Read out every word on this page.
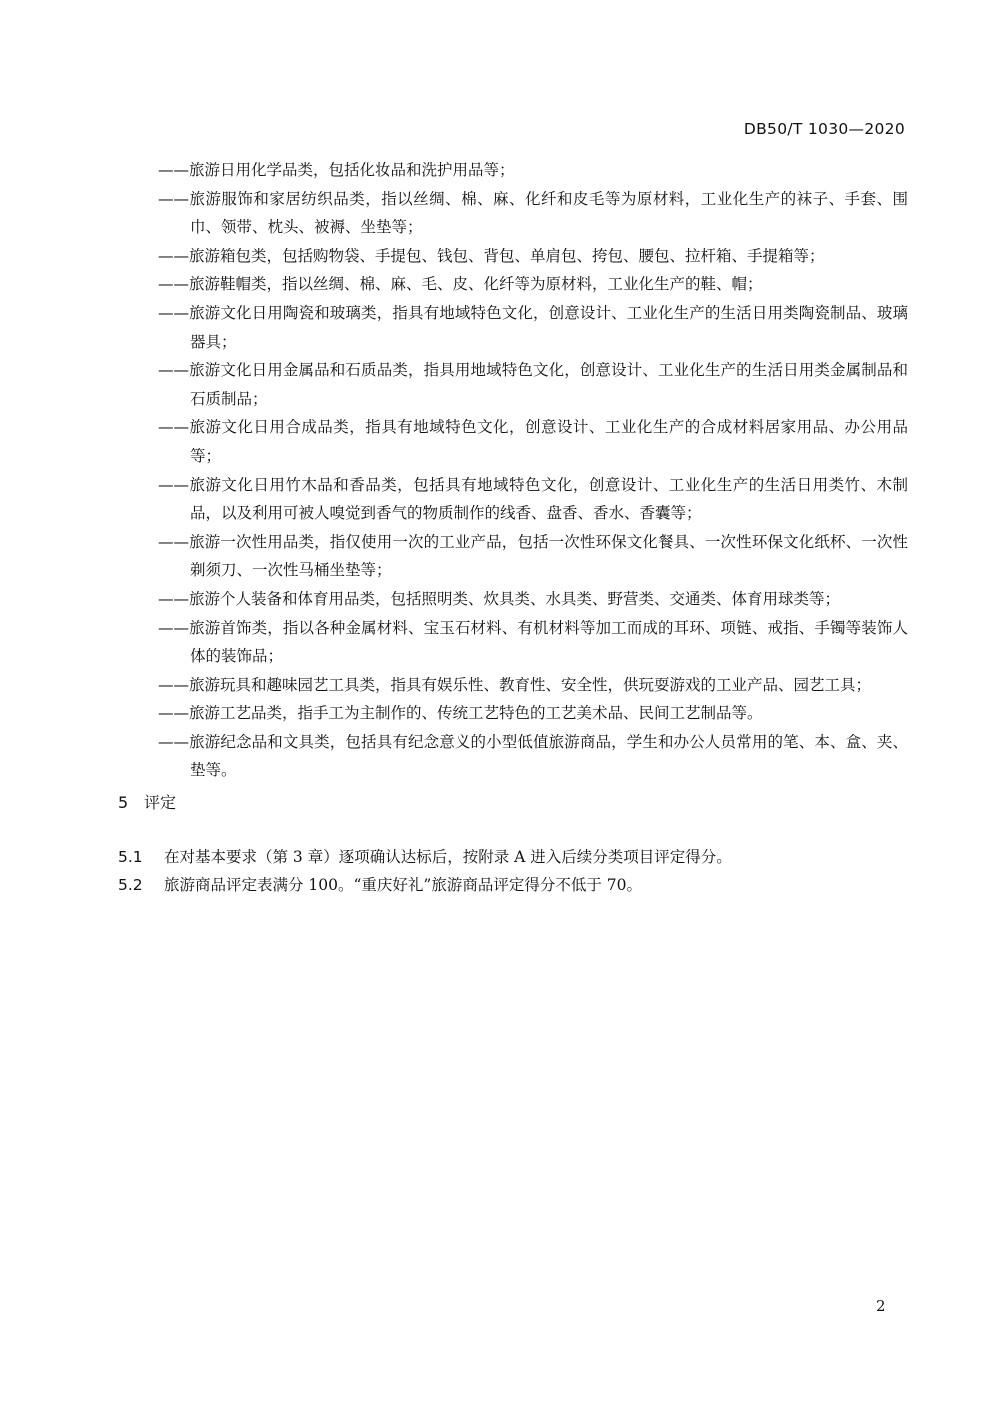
DB50/T 1030—2020
——旅游日用化学品类，包括化妆品和洗护用品等；
——旅游服饰和家居纺织品类，指以丝绸、棉、麻、化纤和皮毛等为原材料，工业化生产的袜子、手套、围巾、领带、枕头、被褥、坐垫等；
——旅游箱包类，包括购物袋、手提包、钱包、背包、单肩包、挎包、腰包、拉杆箱、手提箱等；
——旅游鞋帽类，指以丝绸、棉、麻、毛、皮、化纤等为原材料，工业化生产的鞋、帽；
——旅游文化日用陶瓷和玻璃类，指具有地域特色文化，创意设计、工业化生产的生活日用类陶瓷制品、玻璃器具；
——旅游文化日用金属品和石质品类，指具用地域特色文化，创意设计、工业化生产的生活日用类金属制品和石质制品；
——旅游文化日用合成品类，指具有地域特色文化，创意设计、工业化生产的合成材料居家用品、办公用品等；
——旅游文化日用竹木品和香品类，包括具有地域特色文化，创意设计、工业化生产的生活日用类竹、木制品，以及利用可被人嗅觉到香气的物质制作的线香、盘香、香水、香囊等；
——旅游一次性用品类，指仅使用一次的工业产品，包括一次性环保文化餐具、一次性环保文化纸杯、一次性剃须刀、一次性马桶坐垫等；
——旅游个人装备和体育用品类，包括照明类、炊具类、水具类、野营类、交通类、体育用球类等；
——旅游首饰类，指以各种金属材料、宝玉石材料、有机材料等加工而成的耳环、项链、戒指、手镯等装饰人体的装饰品；
——旅游玩具和趣味园艺工具类，指具有娱乐性、教育性、安全性，供玩耍游戏的工业产品、园艺工具；
——旅游工艺品类，指手工为主制作的、传统工艺特色的工艺美术品、民间工艺制品等。
——旅游纪念品和文具类，包括具有纪念意义的小型低值旅游商品，学生和办公人员常用的笔、本、盒、夹、垫等。
5 评定
5.1 在对基本要求（第 3 章）逐项确认达标后，按附录 A 进入后续分类项目评定得分。
5.2 旅游商品评定表满分 100。“重庆好礼”旅游商品评定得分不低于 70。
2
